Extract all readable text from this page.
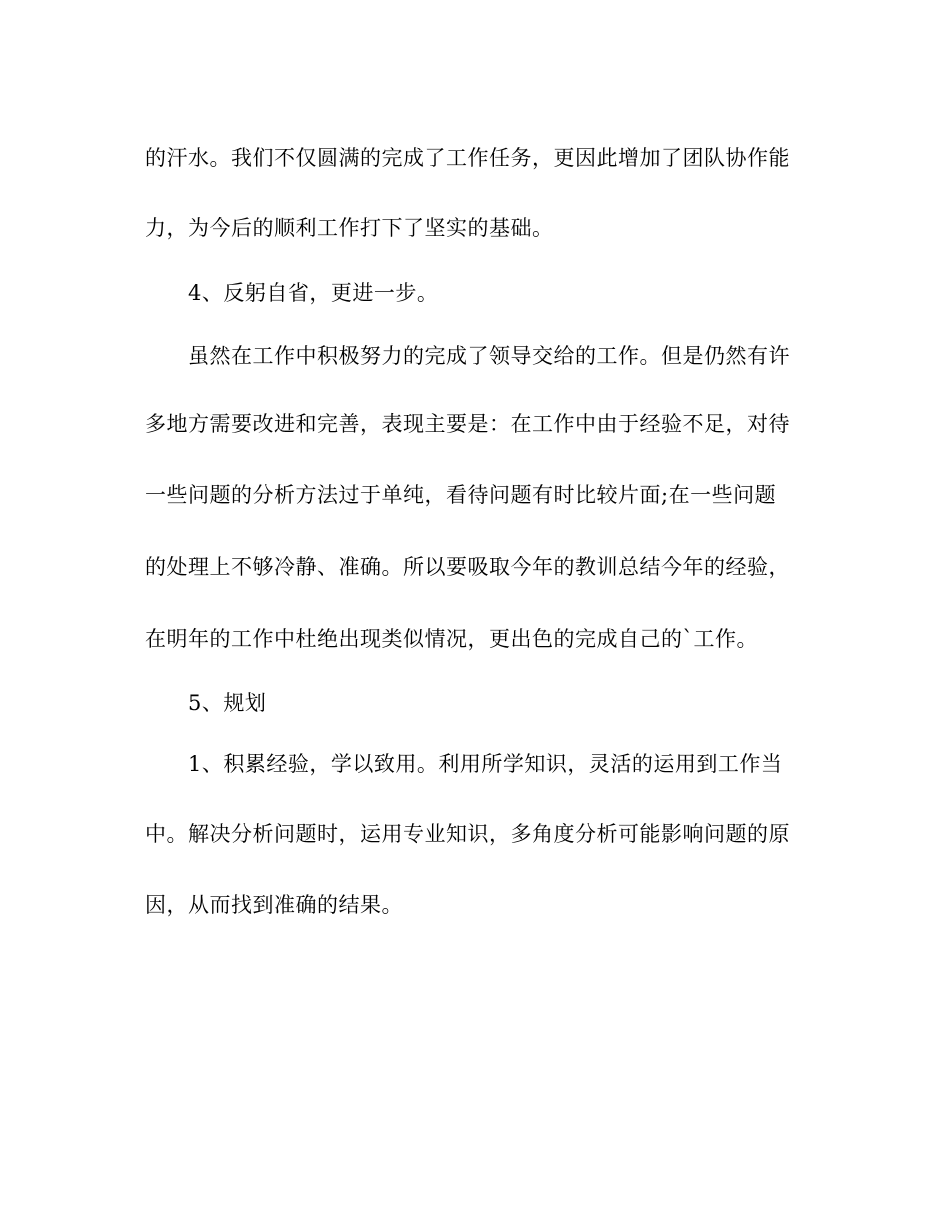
的汗水。我们不仅圆满的完成了工作任务，更因此增加了团队协作能
力，为今后的顺利工作打下了坚实的基础。
4、反躬自省，更进一步。
虽然在工作中积极努力的完成了领导交给的工作。但是仍然有许
多地方需要改进和完善，表现主要是：在工作中由于经验不足，对待
一些问题的分析方法过于单纯，看待问题有时比较片面;在一些问题
的处理上不够冷静、准确。所以要吸取今年的教训总结今年的经验，
在明年的工作中杜绝出现类似情况，更出色的完成自己的`工作。
5、规划
1、积累经验，学以致用。利用所学知识，灵活的运用到工作当
中。解决分析问题时，运用专业知识，多角度分析可能影响问题的原
因，从而找到准确的结果。
